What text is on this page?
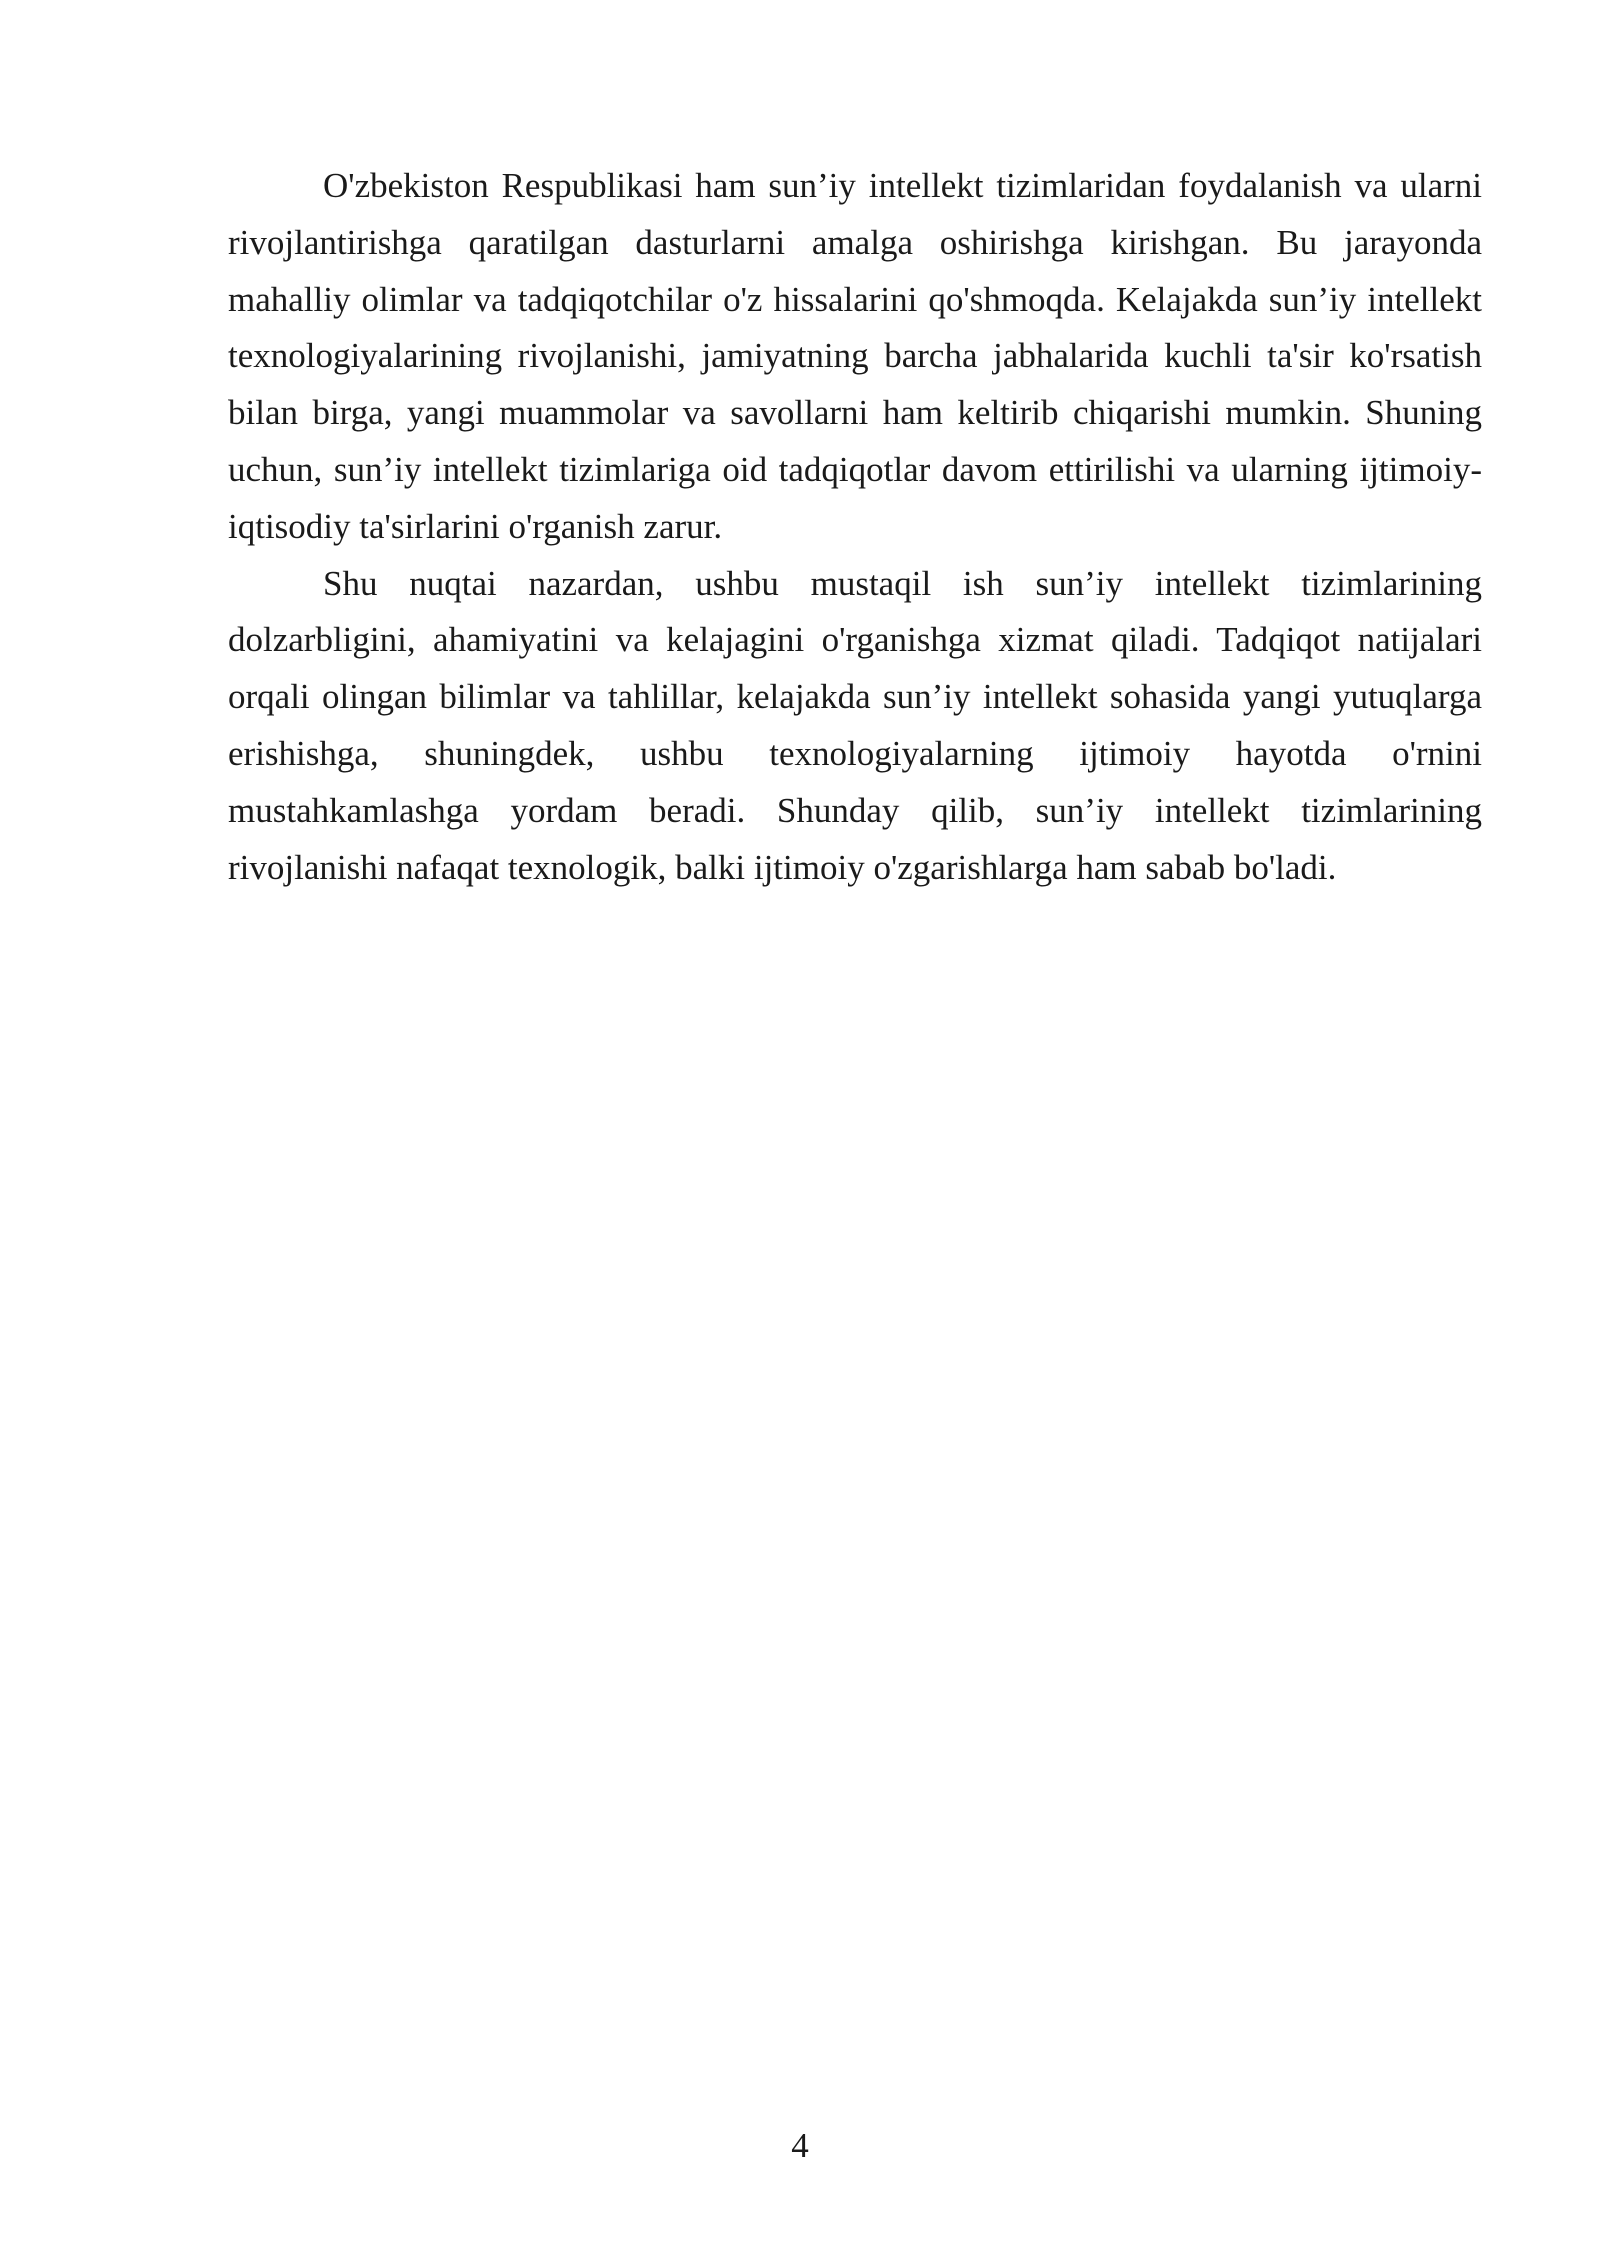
O'zbekiston Respublikasi ham sun’iy intellekt tizimlaridan foydalanish va ularni rivojlantirishga qaratilgan dasturlarni amalga oshirishga kirishgan. Bu jarayonda mahalliy olimlar va tadqiqotchilar o'z hissalarini qo'shmoqda. Kelajakda sun’iy intellekt texnologiyalarining rivojlanishi, jamiyatning barcha jabhalarida kuchli ta'sir ko'rsatish bilan birga, yangi muammolar va savollarni ham keltirib chiqarishi mumkin. Shuning uchun, sun’iy intellekt tizimlariga oid tadqiqotlar davom ettirilishi va ularning ijtimoiy-iqtisodiy ta'sirlarini o'rganish zarur.

Shu nuqtai nazardan, ushbu mustaqil ish sun’iy intellekt tizimlarining dolzarbligini, ahamiyatini va kelajagini o'rganishga xizmat qiladi. Tadqiqot natijalari orqali olingan bilimlar va tahlillar, kelajakda sun’iy intellekt sohasida yangi yutuqlarga erishishga, shuningdek, ushbu texnologiyalarning ijtimoiy hayotda o'rnini mustahkamlashga yordam beradi. Shunday qilib, sun’iy intellekt tizimlarining rivojlanishi nafaqat texnologik, balki ijtimoiy o'zgarishlarga ham sabab bo'ladi.

4
